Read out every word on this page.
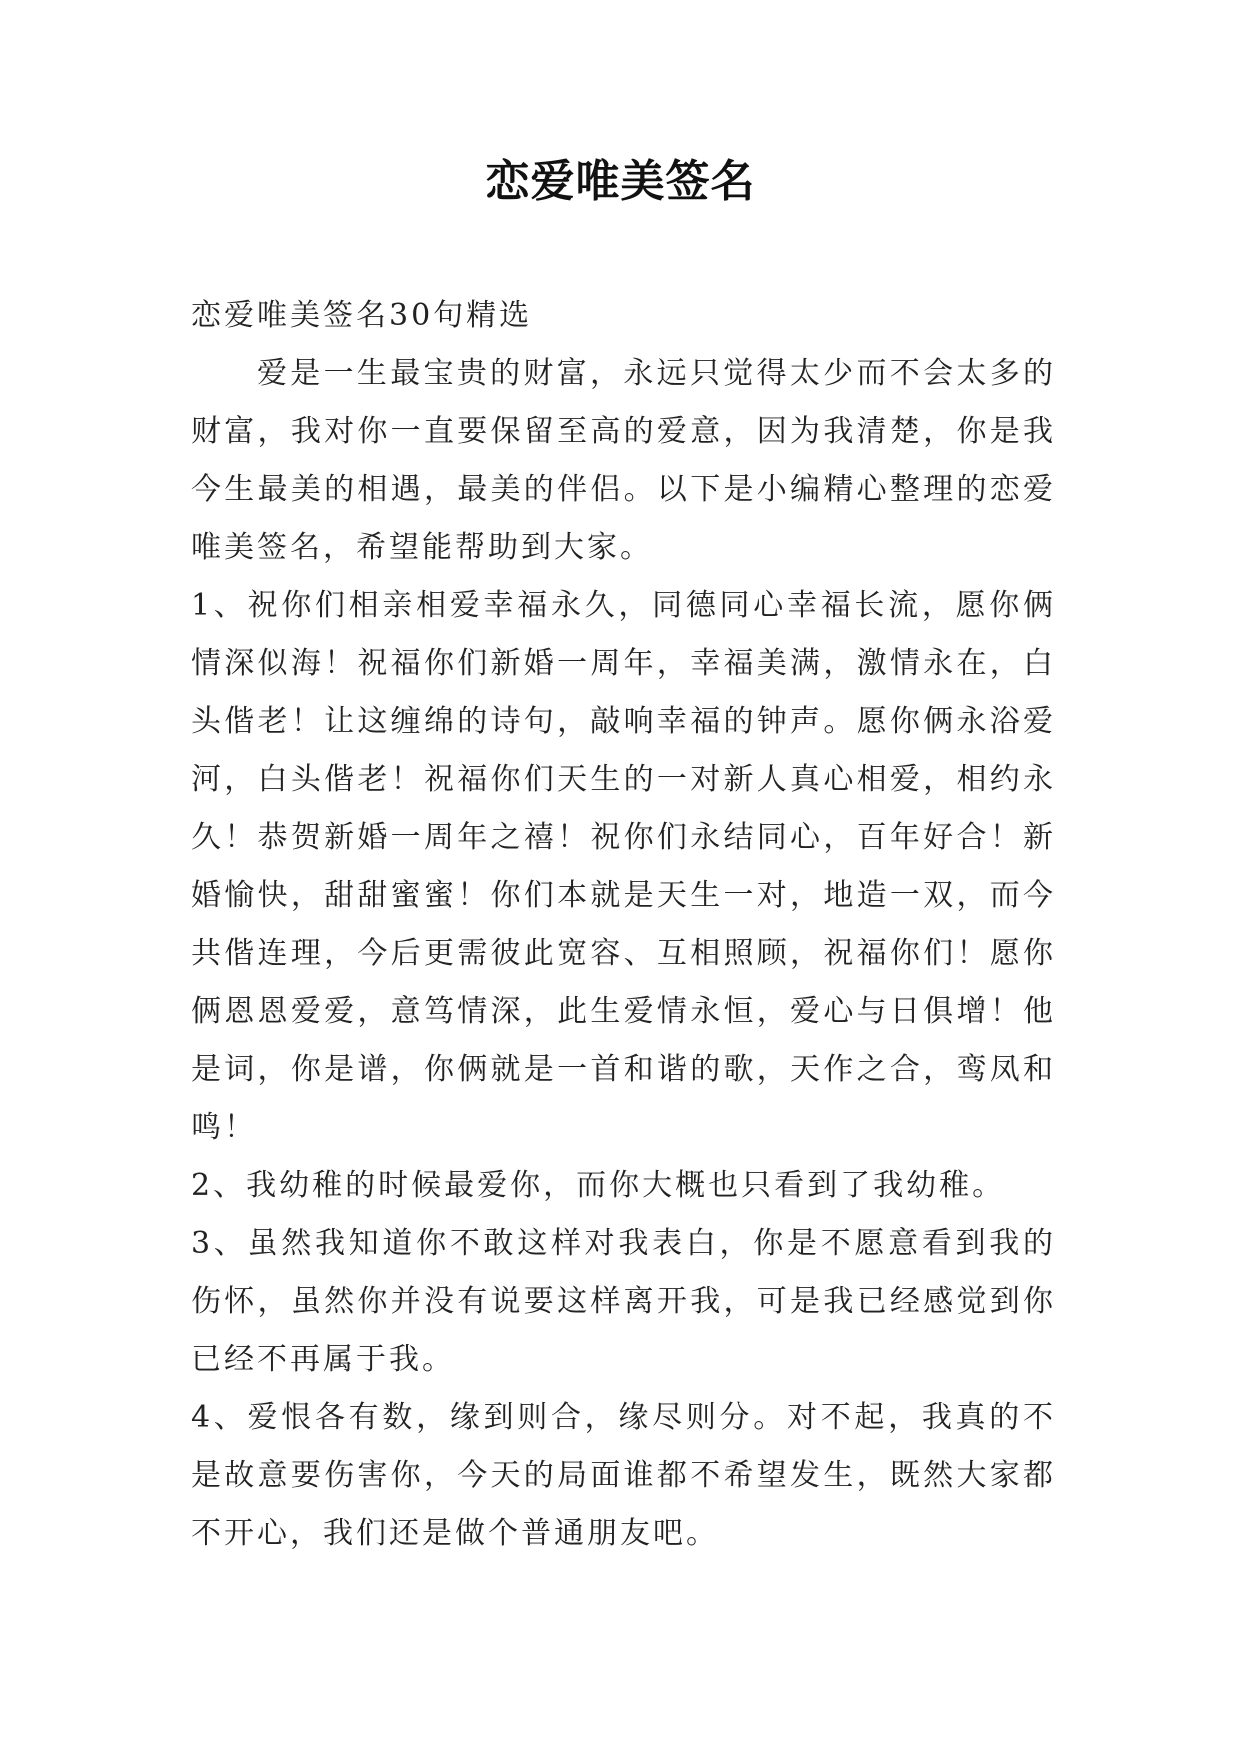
恋爱唯美签名

恋爱唯美签名30句精选

爱是一生最宝贵的财富，永远只觉得太少而不会太多的财富，我对你一直要保留至高的爱意，因为我清楚，你是我今生最美的相遇，最美的伴侣。以下是小编精心整理的恋爱唯美签名，希望能帮助到大家。

1、祝你们相亲相爱幸福永久，同德同心幸福长流，愿你俩情深似海！祝福你们新婚一周年，幸福美满，激情永在，白头偕老！让这缠绵的诗句，敲响幸福的钟声。愿你俩永浴爱河，白头偕老！祝福你们天生的一对新人真心相爱，相约永久！恭贺新婚一周年之禧！祝你们永结同心，百年好合！新婚愉快，甜甜蜜蜜！你们本就是天生一对，地造一双，而今共偕连理，今后更需彼此宽容、互相照顾，祝福你们！愿你俩恩恩爱爱，意笃情深，此生爱情永恒，爱心与日俱增！他是词，你是谱，你俩就是一首和谐的歌，天作之合，鸾凤和鸣！

2、我幼稚的时候最爱你，而你大概也只看到了我幼稚。

3、虽然我知道你不敢这样对我表白，你是不愿意看到我的伤怀，虽然你并没有说要这样离开我，可是我已经感觉到你已经不再属于我。

4、爱恨各有数，缘到则合，缘尽则分。对不起，我真的不是故意要伤害你，今天的局面谁都不希望发生，既然大家都不开心，我们还是做个普通朋友吧。
